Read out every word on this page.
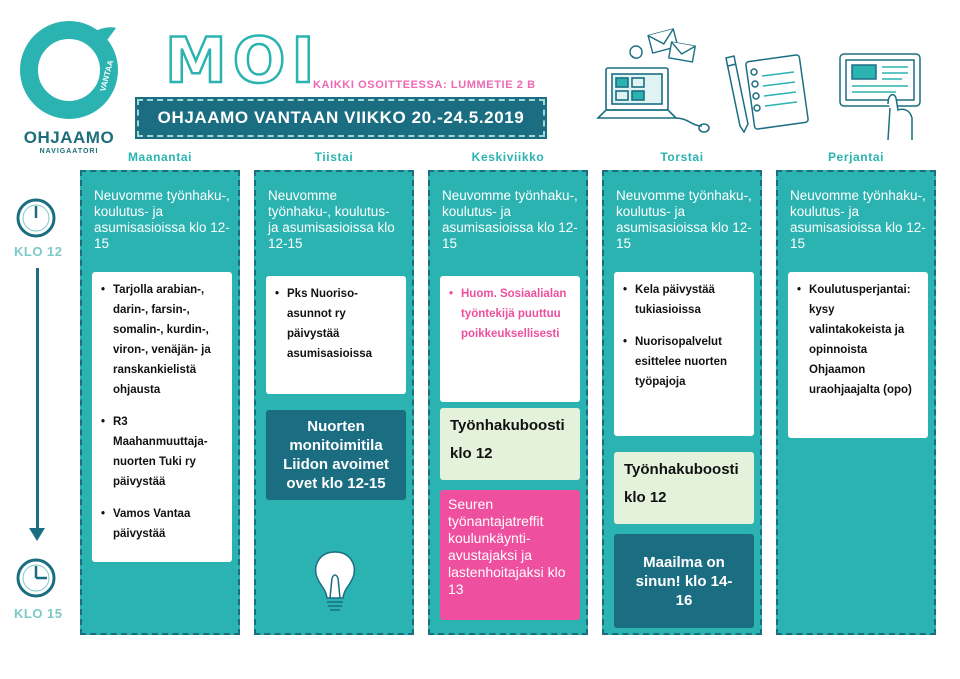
VANTAA
OHJAAMO
NAVIGAATORI
MOI
KAIKKI OSOITTEESSA: LUMMETIE 2 B
OHJAAMO VANTAAN VIIKKO 20.-24.5.2019
KLO 12
KLO 15
Maanantai	Tiistai	Keskiviikko	Torstai	Perjantai
Neuvomme työnhaku-, koulutus- ja asumisasioissa klo 12-15
• Tarjolla arabian-, darin-, farsin-, somalin-, kurdin-, viron-, venäjän- ja ranskankielistä ohjausta
• R3 Maahanmuuttaja-nuorten Tuki ry päivystää
• Vamos Vantaa päivystää
Neuvomme työnhaku-, koulutus- ja asumisasioissa klo 12-15
• Pks Nuoriso-asunnot ry päivystää asumisasioissa
Nuorten monitoimitila Liidon avoimet ovet klo 12-15
Neuvomme työnhaku-, koulutus- ja asumisasioissa klo 12-15
• Huom. Sosiaalialan työntekijä puuttuu poikkeuksellisesti
Työnhakuboosti
klo 12
Seuren työnantajatreffit koulunkäynti-avustajaksi ja lastenhoitajaksi klo 13
Neuvomme työnhaku-, koulutus- ja asumisasioissa klo 12-15
• Kela päivystää tukiasioissa
• Nuorisopalvelut esittelee nuorten työpajoja
Työnhakuboosti
klo 12
Maailma on sinun! klo 14-16
Neuvomme työnhaku-, koulutus- ja asumisasioissa klo 12-15
• Koulutusperjantai: kysy valintakokeista ja opinnoista Ohjaamon uraohjaajalta (opo)
